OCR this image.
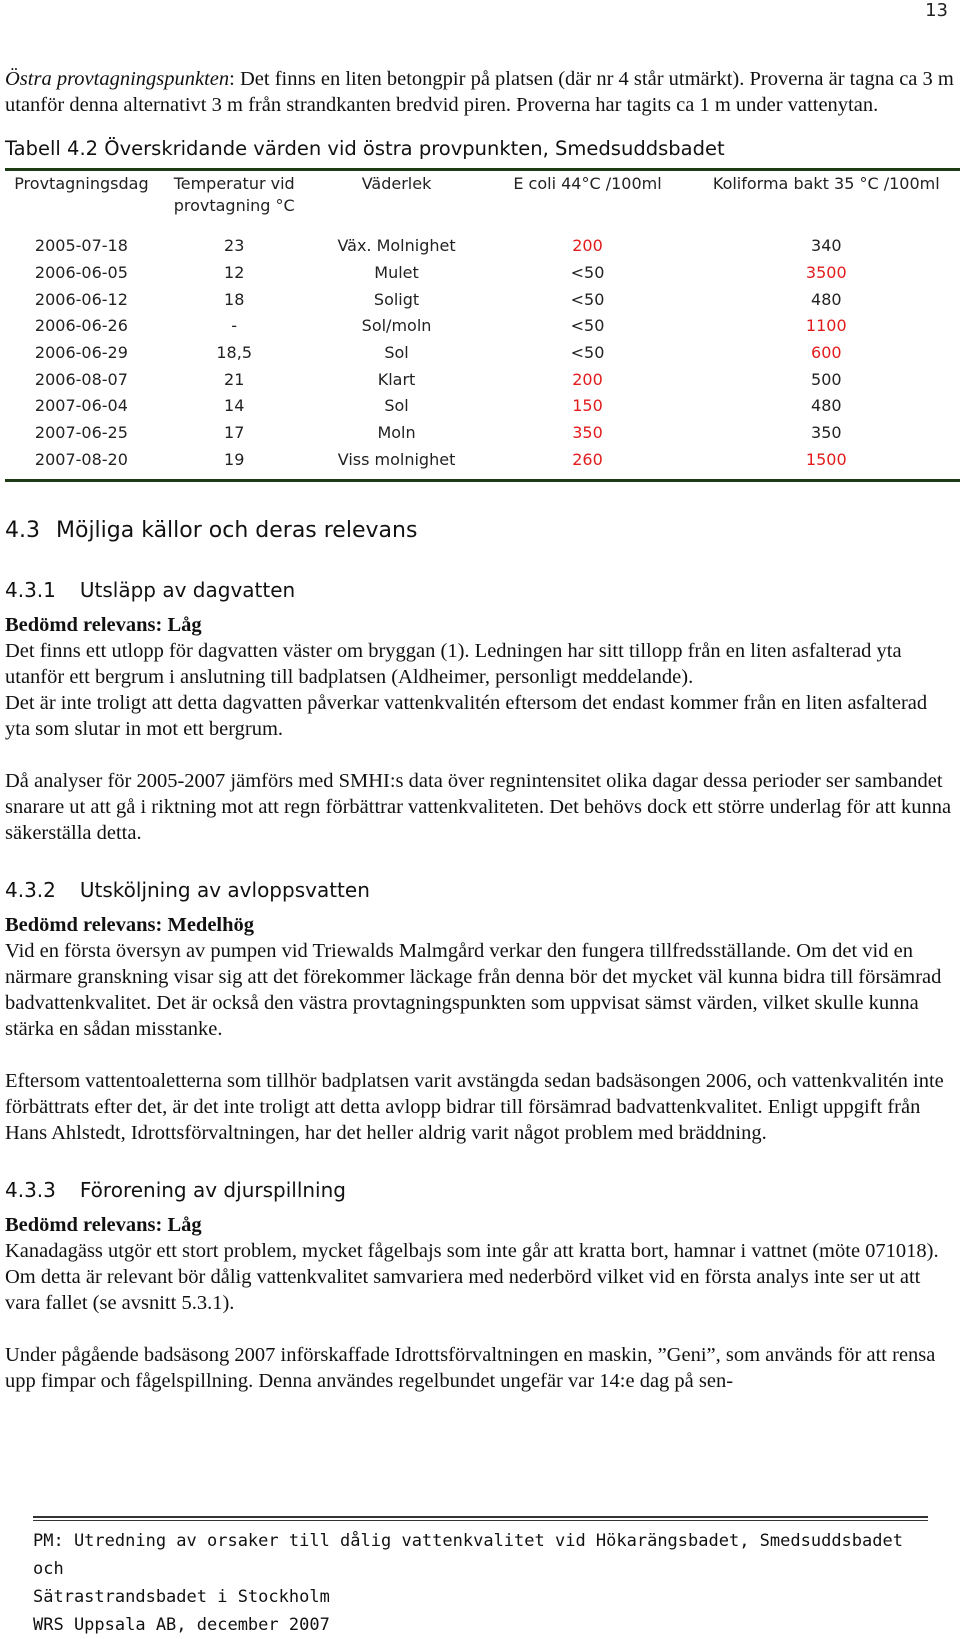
13

Östra provtagningspunkten: Det finns en liten betongpir på platsen (där nr 4 står utmärkt). Proverna är tagna ca 3 m utanför denna alternativt 3 m från strandkanten bredvid piren. Proverna har tagits ca 1 m under vattenytan.

Tabell 4.2 Överskridande värden vid östra provpunkten, Smedsuddsbadet
Provtagningsdag	Temperatur vid provtagning °C	Väderlek	E coli 44°C /100ml	Koliforma bakt 35 °C /100ml
2005-07-18	23	Väx. Molnighet	200	340
2006-06-05	12	Mulet	<50	3500
2006-06-12	18	Soligt	<50	480
2006-06-26	-	Sol/moln	<50	1100
2006-06-29	18,5	Sol	<50	600
2006-08-07	21	Klart	200	500
2007-06-04	14	Sol	150	480
2007-06-25	17	Moln	350	350
2007-08-20	19	Viss molnighet	260	1500
4.3 Möjliga källor och deras relevans
4.3.1 Utsläpp av dagvatten
Bedömd relevans: Låg

Det finns ett utlopp för dagvatten väster om bryggan (1). Ledningen har sitt tillopp från en liten asfalterad yta utanför ett bergrum i anslutning till badplatsen (Aldheimer, personligt meddelande).

Det är inte troligt att detta dagvatten påverkar vattenkvalitén eftersom det endast kommer från en liten asfalterad yta som slutar in mot ett bergrum.

Då analyser för 2005-2007 jämförs med SMHI:s data över regnintensitet olika dagar dessa perioder ser sambandet snarare ut att gå i riktning mot att regn förbättrar vattenkvaliteten. Det behövs dock ett större underlag för att kunna säkerställa detta.

4.3.2 Utsköljning av avloppsvatten
Bedömd relevans: Medelhög

Vid en första översyn av pumpen vid Triewalds Malmgård verkar den fungera tillfredsställande. Om det vid en närmare granskning visar sig att det förekommer läckage från denna bör det mycket väl kunna bidra till försämrad badvattenkvalitet. Det är också den västra provtagningspunkten som uppvisat sämst värden, vilket skulle kunna stärka en sådan misstanke.

Eftersom vattentoaletterna som tillhör badplatsen varit avstängda sedan badsäsongen 2006, och vattenkvalitén inte förbättrats efter det, är det inte troligt att detta avlopp bidrar till försämrad badvattenkvalitet. Enligt uppgift från Hans Ahlstedt, Idrottsförvaltningen, har det heller aldrig varit något problem med bräddning.

4.3.3 Förorening av djurspillning
Bedömd relevans: Låg

Kanadagäss utgör ett stort problem, mycket fågelbajs som inte går att kratta bort, hamnar i vattnet (möte 071018). Om detta är relevant bör dålig vattenkvalitet samvariera med nederbörd vilket vid en första analys inte ser ut att vara fallet (se avsnitt 5.3.1).

Under pågående badsäsong 2007 införskaffade Idrottsförvaltningen en maskin, ”Geni”, som används för att rensa upp fimpar och fågelspillning. Denna användes regelbundet ungefär var 14:e dag på sen-

PM: Utredning av orsaker till dålig vattenkvalitet vid Hökarängsbadet, Smedsuddsbadet och
Sätrastrandsbadet i Stockholm
WRS Uppsala AB, december 2007
